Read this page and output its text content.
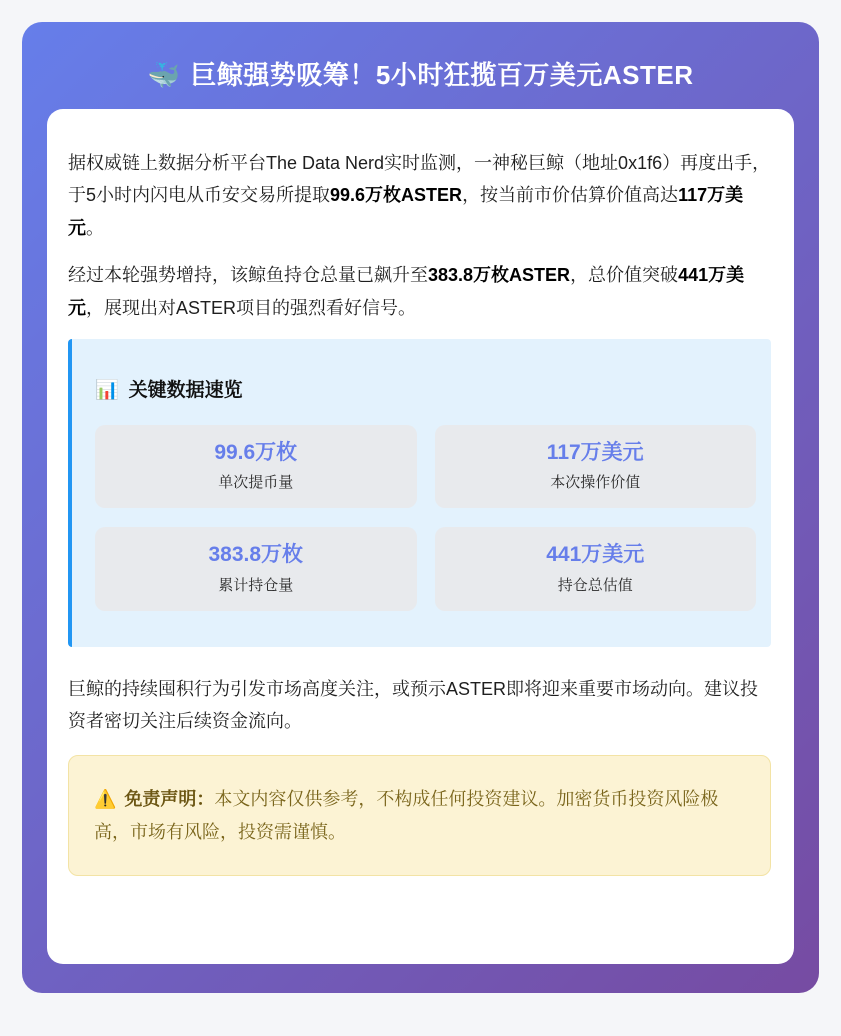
🐳 巨鲸强势吸筹！5小时狂揽百万美元ASTER

据权威链上数据分析平台The Data Nerd实时监测，一神秘巨鲸（地址0x1f6）再度出手，于5小时内闪电从币安交易所提取99.6万枚ASTER，按当前市价估算价值高达117万美元。

经过本轮强势增持，该鲸鱼持仓总量已飙升至383.8万枚ASTER，总价值突破441万美元，展现出对ASTER项目的强烈看好信号。

📊 关键数据速览
99.6万枚
单次提币量
117万美元
本次操作价值
383.8万枚
累计持仓量
441万美元
持仓总估值

巨鲸的持续囤积行为引发市场高度关注，或预示ASTER即将迎来重要市场动向。建议投资者密切关注后续资金流向。

⚠️ 免责声明：本文内容仅供参考，不构成任何投资建议。加密货币投资风险极高，市场有风险，投资需谨慎。
